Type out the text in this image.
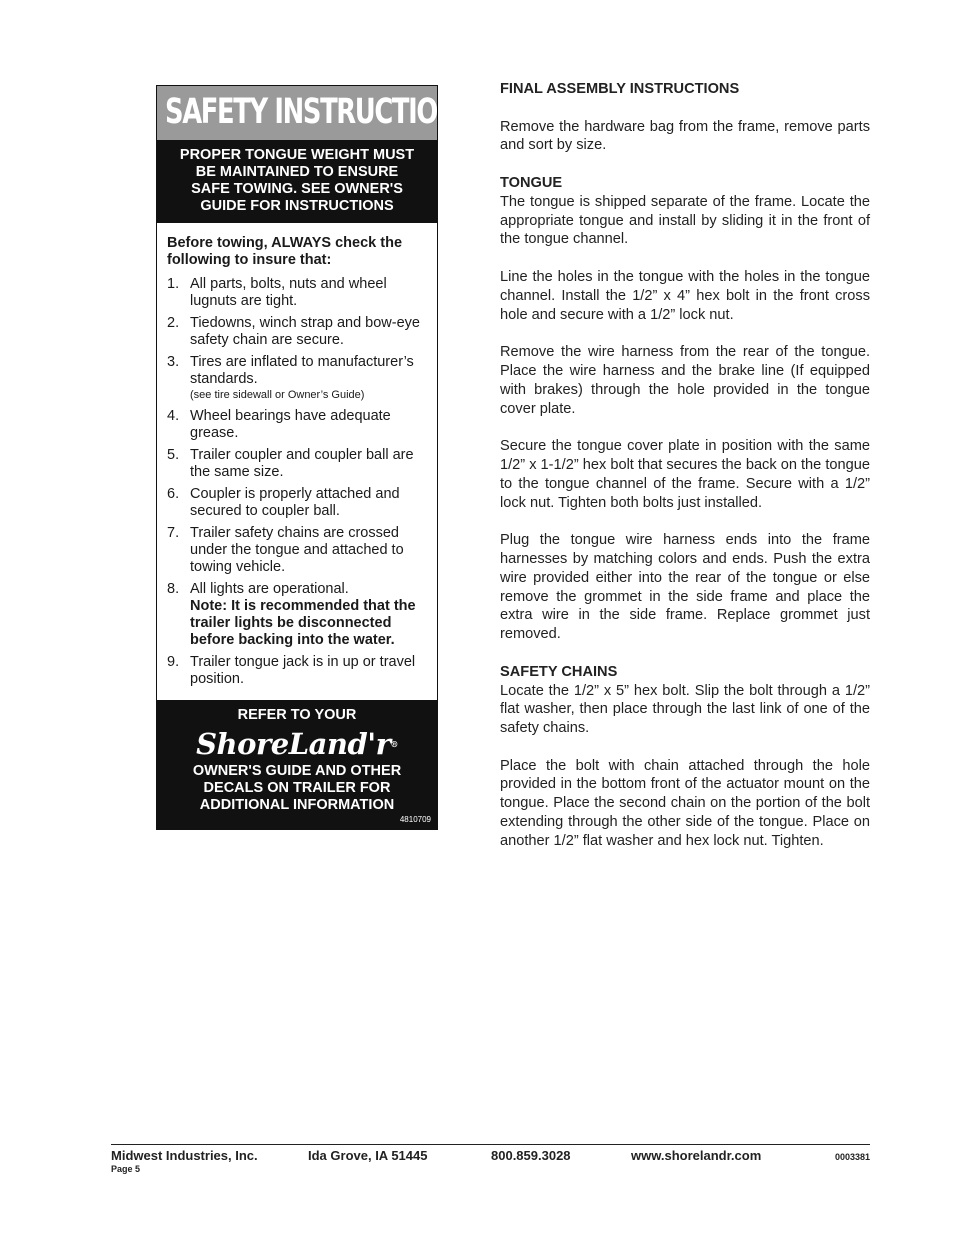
SAFETY INSTRUCTIONS
PROPER TONGUE WEIGHT MUST
BE MAINTAINED TO ENSURE
SAFE TOWING. SEE OWNER'S
GUIDE FOR INSTRUCTIONS
Before towing, ALWAYS check the following to insure that:
1. All parts, bolts, nuts and wheel lugnuts are tight.
2. Tiedowns, winch strap and bow-eye safety chain are secure.
3. Tires are inflated to manufacturer’s standards.
(see tire sidewall or Owner’s Guide)
4. Wheel bearings have adequate grease.
5. Trailer coupler and coupler ball are the same size.
6. Coupler is properly attached and secured to coupler ball.
7. Trailer safety chains are crossed under the tongue and attached to towing vehicle.
8. All lights are operational.
Note: It is recommended that the trailer lights be disconnected before backing into the water.
9. Trailer tongue jack is in up or travel position.
REFER TO YOUR
ShoreLand'r®
OWNER'S GUIDE AND OTHER
DECALS ON TRAILER FOR
ADDITIONAL INFORMATION
4810709
FINAL ASSEMBLY INSTRUCTIONS

Remove the hardware bag from the frame, remove parts and sort by size.

TONGUE

The tongue is shipped separate of the frame. Locate the appropriate tongue and install by sliding it in the front of the tongue channel.

Line the holes in the tongue with the holes in the tongue channel. Install the 1/2” x 4” hex bolt in the front cross hole and secure with a 1/2” lock nut.

Remove the wire harness from the rear of the tongue. Place the wire harness and the brake line (If equipped with brakes) through the hole provided in the tongue cover plate.

Secure the tongue cover plate in position with the same 1/2” x 1-1/2” hex bolt that secures the back on the tongue to the tongue channel of the frame. Secure with a 1/2” lock nut. Tighten both bolts just installed.

Plug the tongue wire harness ends into the frame harnesses by matching colors and ends. Push the extra wire provided either into the rear of the tongue or else remove the grommet in the side frame and place the extra wire in the side frame. Replace grommet just removed.

SAFETY CHAINS

Locate the 1/2” x 5” hex bolt. Slip the bolt through a 1/2” flat washer, then place through the last link of one of the safety chains.

Place the bolt with chain attached through the hole provided in the bottom front of the actuator mount on the tongue. Place the second chain on the portion of the bolt extending through the other side of the tongue. Place on another 1/2” flat washer and hex lock nut. Tighten.

Midwest Industries, Inc.	Ida Grove, IA 51445	800.859.3028	www.shorelandr.com	0003381
Page 5
